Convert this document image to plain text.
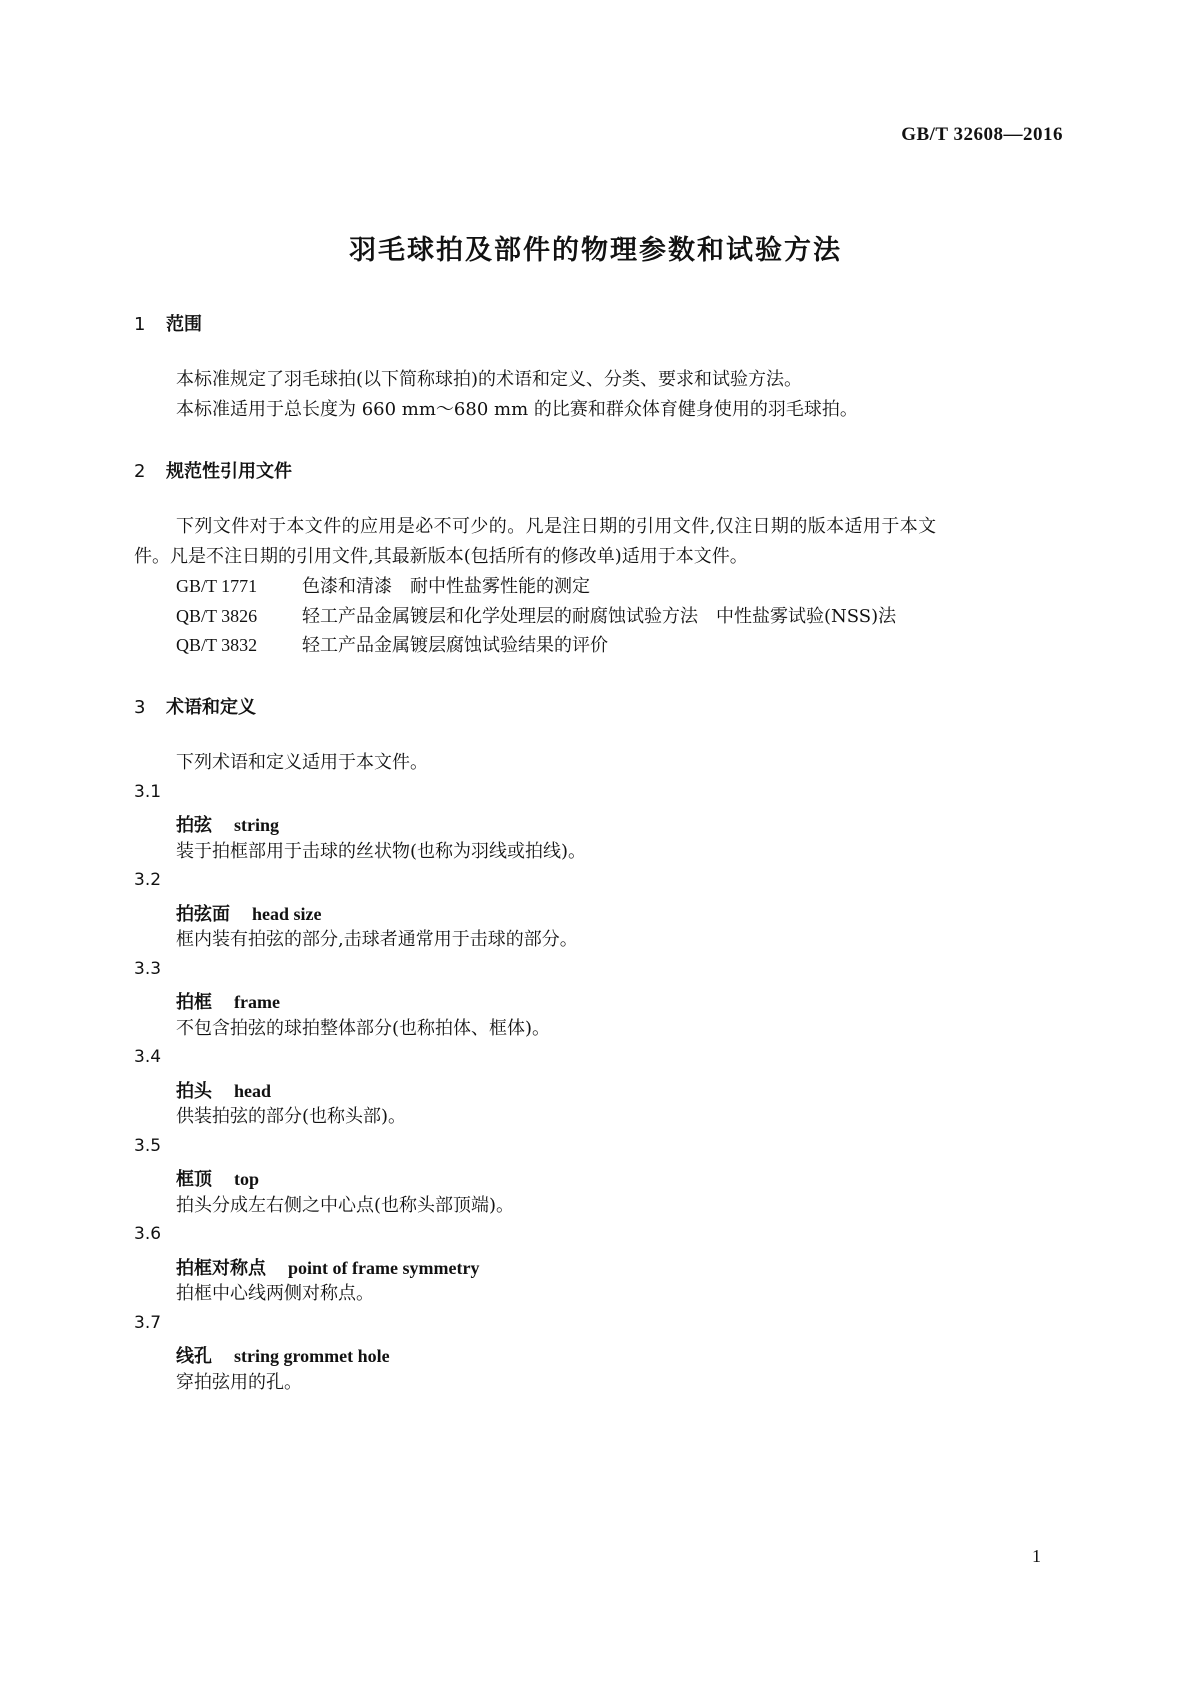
GB/T 32608—2016
羽毛球拍及部件的物理参数和试验方法
1 范围
本标准规定了羽毛球拍(以下简称球拍)的术语和定义、分类、要求和试验方法。
本标准适用于总长度为 660 mm～680 mm 的比赛和群众体育健身使用的羽毛球拍。
2 规范性引用文件
下列文件对于本文件的应用是必不可少的。凡是注日期的引用文件,仅注日期的版本适用于本文
件。凡是不注日期的引用文件,其最新版本(包括所有的修改单)适用于本文件。
GB/T 1771 色漆和清漆　耐中性盐雾性能的测定
QB/T 3826 轻工产品金属镀层和化学处理层的耐腐蚀试验方法　中性盐雾试验(NSS)法
QB/T 3832 轻工产品金属镀层腐蚀试验结果的评价
3 术语和定义
下列术语和定义适用于本文件。
3.1
拍弦 string
装于拍框部用于击球的丝状物(也称为羽线或拍线)。
3.2
拍弦面 head size
框内装有拍弦的部分,击球者通常用于击球的部分。
3.3
拍框 frame
不包含拍弦的球拍整体部分(也称拍体、框体)。
3.4
拍头 head
供装拍弦的部分(也称头部)。
3.5
框顶 top
拍头分成左右侧之中心点(也称头部顶端)。
3.6
拍框对称点 point of frame symmetry
拍框中心线两侧对称点。
3.7
线孔 string grommet hole
穿拍弦用的孔。
1
